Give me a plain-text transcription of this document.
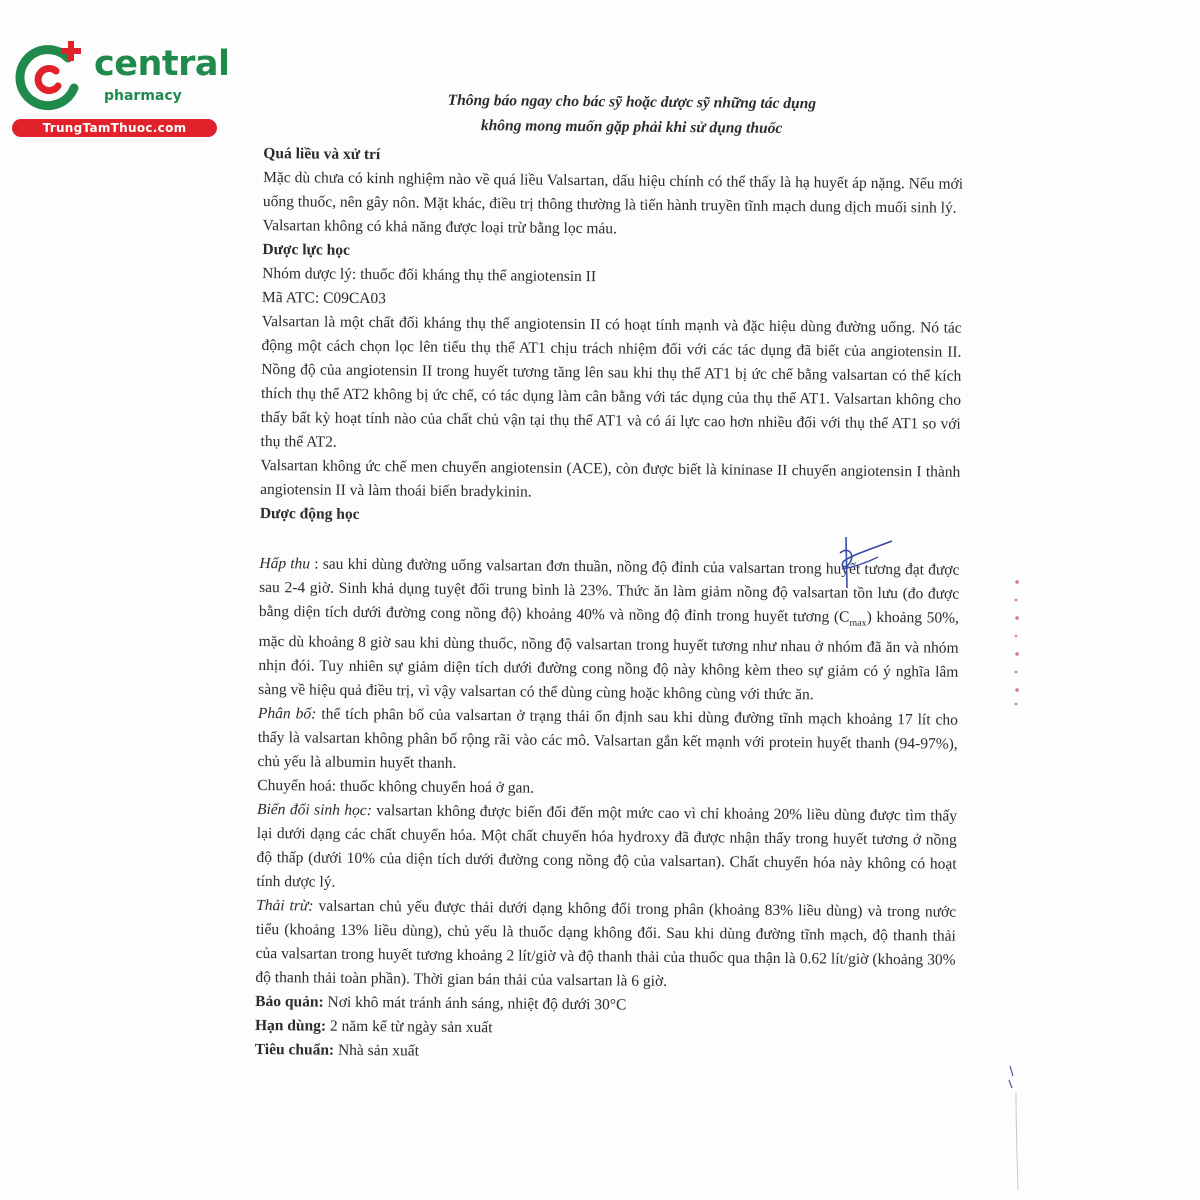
central
pharmacy
TrungTamThuoc.com
Thông báo ngay cho bác sỹ hoặc dược sỹ những tác dụng
không mong muốn gặp phải khi sử dụng thuốc

Quá liều và xử trí

Mặc dù chưa có kinh nghiệm nào về quá liều Valsartan, dấu hiệu chính có thể thấy là hạ huyết áp nặng. Nếu mới uống thuốc, nên gây nôn. Mặt khác, điều trị thông thường là tiến hành truyền tĩnh mạch dung dịch muối sinh lý.

Valsartan không có khả năng được loại trừ bằng lọc máu.

Dược lực học

Nhóm dược lý: thuốc đối kháng thụ thể angiotensin II

Mã ATC: C09CA03

Valsartan là một chất đối kháng thụ thể angiotensin II có hoạt tính mạnh và đặc hiệu dùng đường uống. Nó tác động một cách chọn lọc lên tiểu thụ thể AT1 chịu trách nhiệm đối với các tác dụng đã biết của angiotensin II. Nồng độ của angiotensin II trong huyết tương tăng lên sau khi thụ thể AT1 bị ức chế bằng valsartan có thể kích thích thụ thể AT2 không bị ức chế, có tác dụng làm cân bằng với tác dụng của thụ thể AT1. Valsartan không cho thấy bất kỳ hoạt tính nào của chất chủ vận tại thụ thể AT1 và có ái lực cao hơn nhiều đối với thụ thể AT1 so với thụ thể AT2.

Valsartan không ức chế men chuyển angiotensin (ACE), còn được biết là kininase II chuyển angiotensin I thành angiotensin II và làm thoái biến bradykinin.

Dược động học

Hấp thu : sau khi dùng đường uống valsartan đơn thuần, nồng độ đỉnh của valsartan trong huyết tương đạt được sau 2-4 giờ. Sinh khả dụng tuyệt đối trung bình là 23%. Thức ăn làm giảm nồng độ valsartan tồn lưu (đo được bằng diện tích dưới đường cong nồng độ) khoảng 40% và nồng độ đỉnh trong huyết tương $(C_{max})$ khoảng 50%, mặc dù khoảng 8 giờ sau khi dùng thuốc, nồng độ valsartan trong huyết tương như nhau ở nhóm đã ăn và nhóm nhịn đói. Tuy nhiên sự giảm diện tích dưới đường cong nồng độ này không kèm theo sự giảm có ý nghĩa lâm sàng về hiệu quả điều trị, vì vậy valsartan có thể dùng cùng hoặc không cùng với thức ăn.

Phân bố: thể tích phân bố của valsartan ở trạng thái ổn định sau khi dùng đường tĩnh mạch khoảng 17 lít cho thấy là valsartan không phân bố rộng rãi vào các mô. Valsartan gắn kết mạnh với protein huyết thanh (94-97%), chủ yếu là albumin huyết thanh.

Chuyển hoá: thuốc không chuyển hoá ở gan.

Biến đổi sinh học: valsartan không được biến đổi đến một mức cao vì chỉ khoảng 20% liều dùng được tìm thấy lại dưới dạng các chất chuyển hóa. Một chất chuyển hóa hydroxy đã được nhận thấy trong huyết tương ở nồng độ thấp (dưới 10% của diện tích dưới đường cong nồng độ của valsartan). Chất chuyển hóa này không có hoạt tính dược lý.

Thải trừ: valsartan chủ yếu được thải dưới dạng không đổi trong phân (khoảng 83% liều dùng) và trong nước tiểu (khoảng 13% liều dùng), chủ yếu là thuốc dạng không đổi. Sau khi dùng đường tĩnh mạch, độ thanh thải của valsartan trong huyết tương khoảng 2 lít/giờ và độ thanh thải của thuốc qua thận là 0.62 lít/giờ (khoảng 30% độ thanh thải toàn phần). Thời gian bán thải của valsartan là 6 giờ.

Bảo quản: Nơi khô mát tránh ánh sáng, nhiệt độ dưới 30°C

Hạn dùng: 2 năm kể từ ngày sản xuất

Tiêu chuẩn: Nhà sản xuất
